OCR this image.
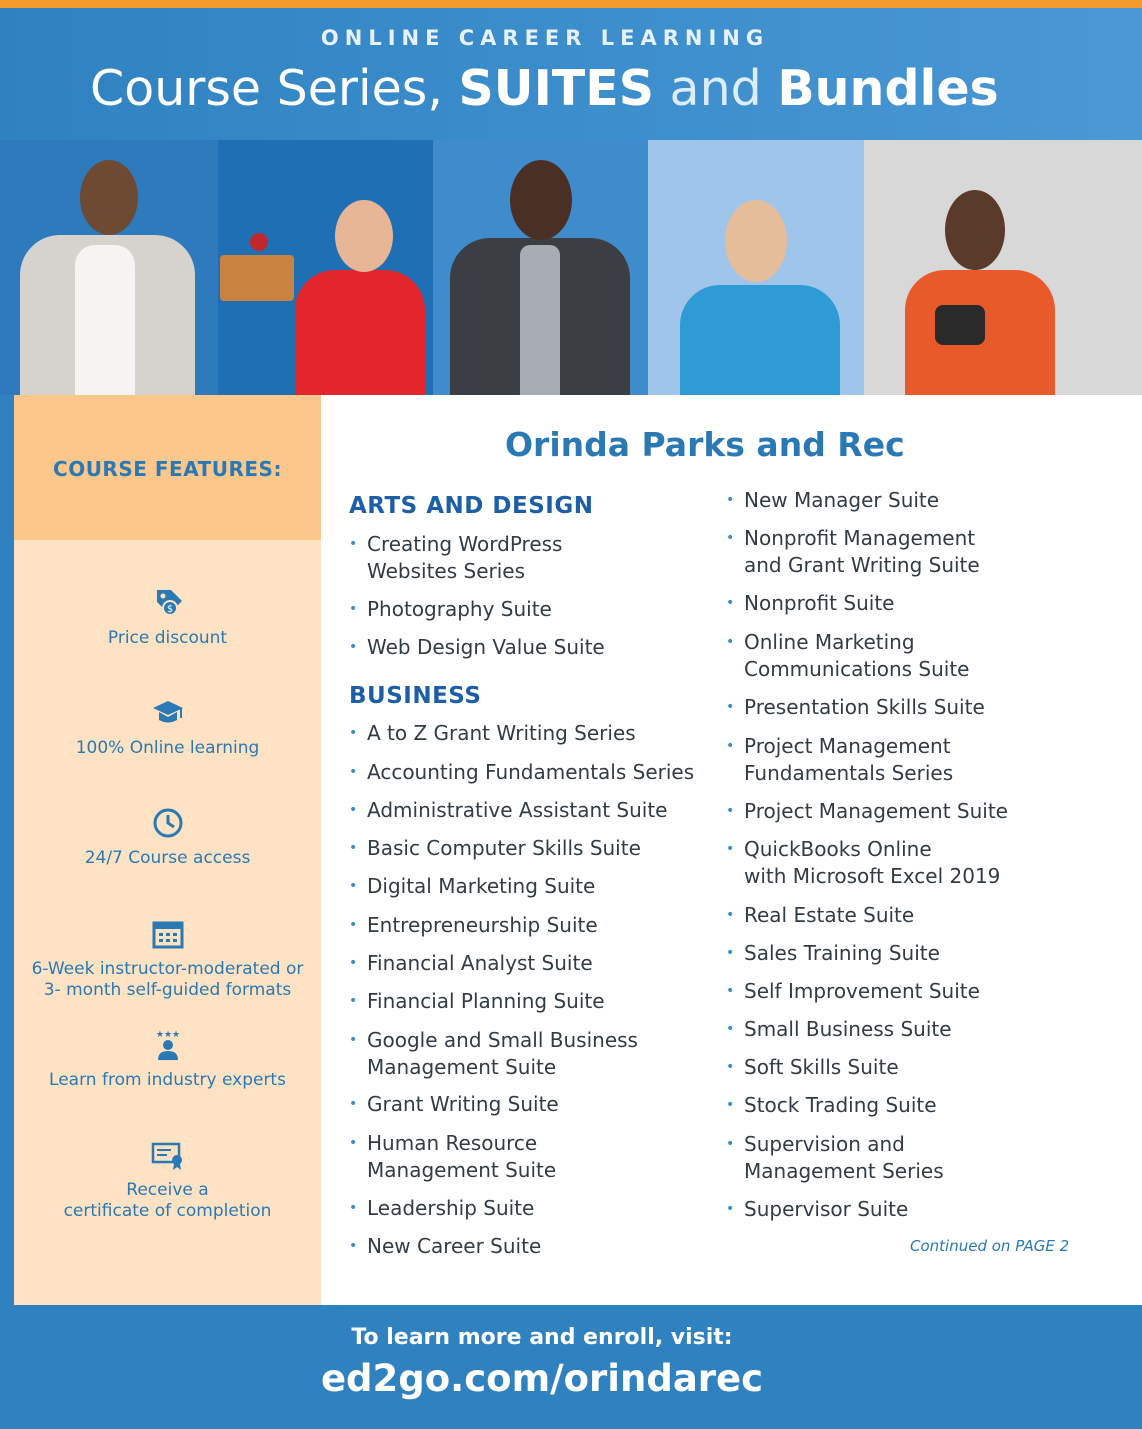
ONLINE CAREER LEARNING
Course Series, SUITES and Bundles
COURSE FEATURES:
$
Price discount
100% Online learning
24/7 Course access
6-Week instructor-moderated or
3- month self-guided formats
★★★
Learn from industry experts
Receive a
certificate of completion
Orinda Parks and Rec
ARTS AND DESIGN
• Creating WordPress
Websites Series
• Photography Suite
• Web Design Value Suite
BUSINESS
• A to Z Grant Writing Series
• Accounting Fundamentals Series
• Administrative Assistant Suite
• Basic Computer Skills Suite
• Digital Marketing Suite
• Entrepreneurship Suite
• Financial Analyst Suite
• Financial Planning Suite
• Google and Small Business
Management Suite
• Grant Writing Suite
• Human Resource
Management Suite
• Leadership Suite
• New Career Suite
• New Manager Suite
• Nonprofit Management
and Grant Writing Suite
• Nonprofit Suite
• Online Marketing
Communications Suite
• Presentation Skills Suite
• Project Management
Fundamentals Series
• Project Management Suite
• QuickBooks Online
with Microsoft Excel 2019
• Real Estate Suite
• Sales Training Suite
• Self Improvement Suite
• Small Business Suite
• Soft Skills Suite
• Stock Trading Suite
• Supervision and
Management Series
• Supervisor Suite
Continued on PAGE 2
To learn more and enroll, visit:
ed2go.com/orindarec
